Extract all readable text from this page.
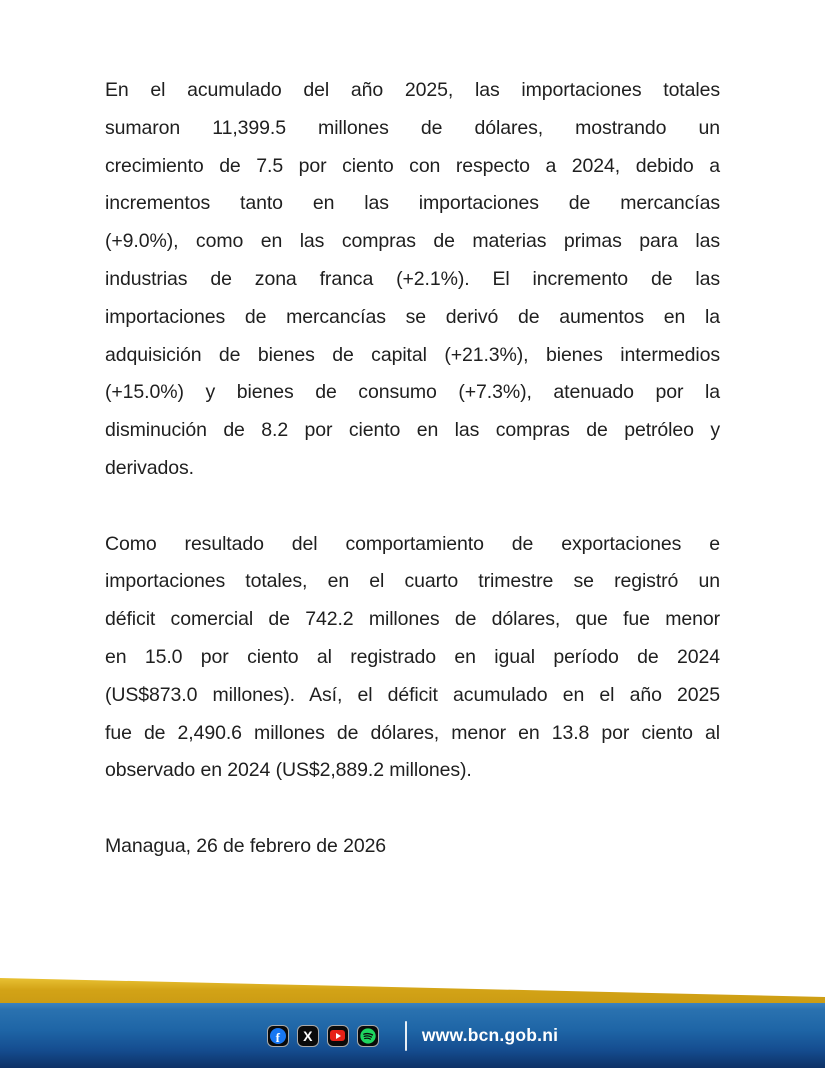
En el acumulado del año 2025, las importaciones totales
sumaron 11,399.5 millones de dólares, mostrando un
crecimiento de 7.5 por ciento con respecto a 2024, debido a
incrementos tanto en las importaciones de mercancías
(+9.0%), como en las compras de materias primas para las
industrias de zona franca (+2.1%). El incremento de las
importaciones de mercancías se derivó de aumentos en la
adquisición de bienes de capital (+21.3%), bienes intermedios
(+15.0%) y bienes de consumo (+7.3%), atenuado por la
disminución de 8.2 por ciento en las compras de petróleo y
derivados.
Como resultado del comportamiento de exportaciones e
importaciones totales, en el cuarto trimestre se registró un
déficit comercial de 742.2 millones de dólares, que fue menor
en 15.0 por ciento al registrado en igual período de 2024
(US$873.0 millones). Así, el déficit acumulado en el año 2025
fue de 2,490.6 millones de dólares, menor en 13.8 por ciento al
observado en 2024 (US$2,889.2 millones).
Managua, 26 de febrero de 2026
f X	www.bcn.gob.ni
